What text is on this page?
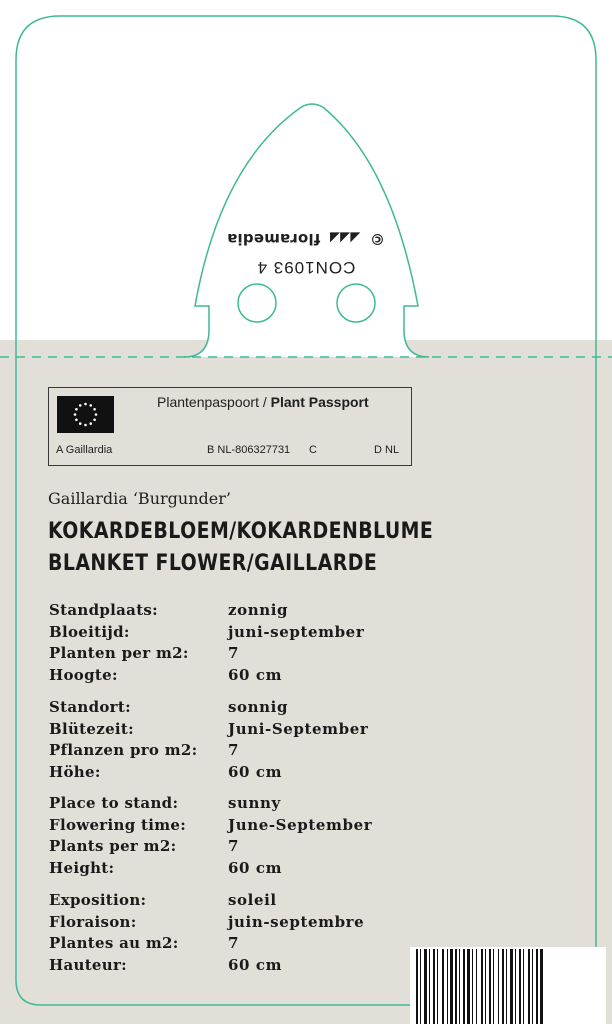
© ◢◢◢ floramedia
CON1093 4
Plantenpaspoort / Plant Passport
A Gaillardia	B NL-806327731 C	D NL
Gaillardia ‘Burgunder’
KOKARDEBLOEM/KOKARDENBLUME
BLANKET FLOWER/GAILLARDE
Standplaats:	zonnig
Bloeitijd:	juni-september
Planten per m2:	7
Hoogte:	60 cm
Standort:	sonnig
Blütezeit:	Juni-September
Pflanzen pro m2: 7
Höhe:	60 cm
Place to stand:	sunny
Flowering time:	June-September
Plants per m2:	7
Height:	60 cm
Exposition:	soleil
Floraison:	juin-septembre
Plantes au m2:	7
Hauteur:	60 cm
